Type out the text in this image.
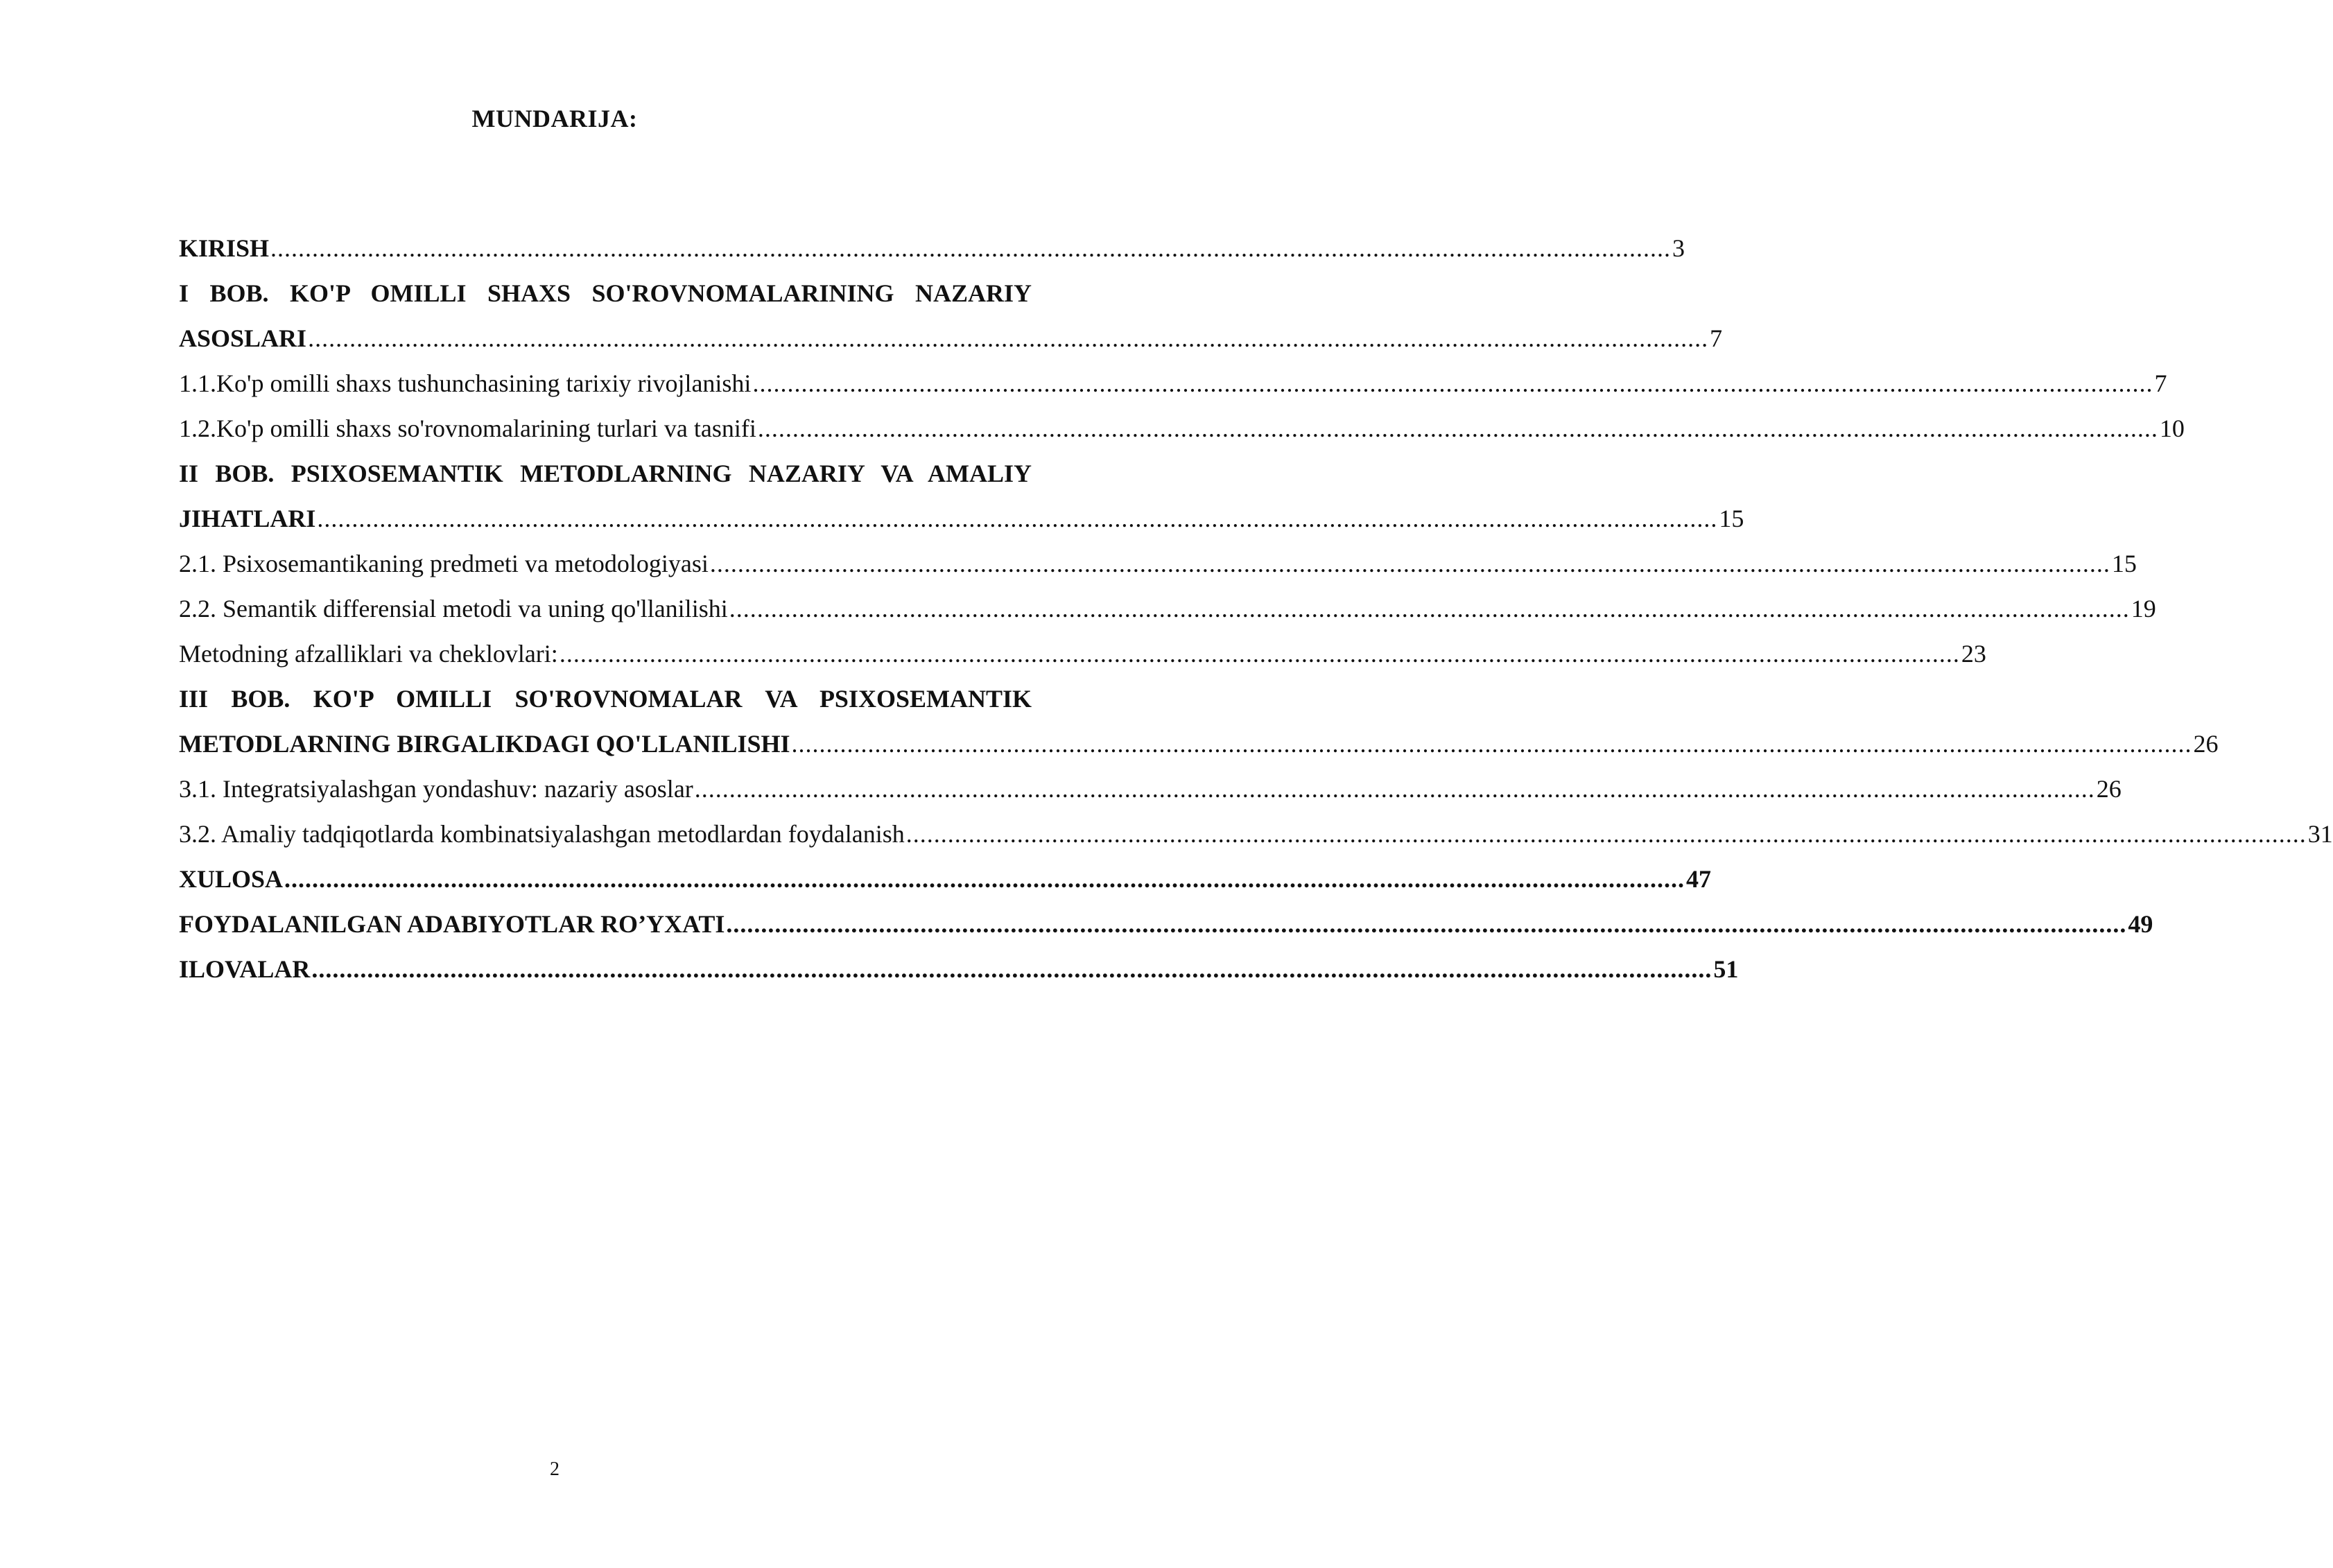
MUNDARIJA:
KIRISH .......................................................................................................................................................................................................... 3
I BOB. KO'P OMILLI SHAXS SO'ROVNOMALARINING NAZARIY
ASOSLARI .......................................................................................................................................................................................................... 7
1.1.Ko'p omilli shaxs tushunchasining tarixiy rivojlanishi .......................................................................................................................................................................................................... 7
1.2.Ko'p omilli shaxs so'rovnomalarining turlari va tasnifi .......................................................................................................................................................................................................... 10
II BOB. PSIXOSEMANTIK METODLARNING NAZARIY VA AMALIY
JIHATLARI .......................................................................................................................................................................................................... 15
2.1. Psixosemantikaning predmeti va metodologiyasi .......................................................................................................................................................................................................... 15
2.2. Semantik differensial metodi va uning qo'llanilishi .......................................................................................................................................................................................................... 19
Metodning afzalliklari va cheklovlari: .......................................................................................................................................................................................................... 23
III BOB. KO'P OMILLI SO'ROVNOMALAR VA PSIXOSEMANTIK
METODLARNING BIRGALIKDAGI QO'LLANILISHI .......................................................................................................................................................................................................... 26
3.1. Integratsiyalashgan yondashuv: nazariy asoslar .......................................................................................................................................................................................................... 26
3.2. Amaliy tadqiqotlarda kombinatsiyalashgan metodlardan foydalanish .......................................................................................................................................................................................................... 31
XULOSA .......................................................................................................................................................................................................... 47
FOYDALANILGAN ADABIYOTLAR RO’YXATI .......................................................................................................................................................................................................... 49
ILOVALAR .......................................................................................................................................................................................................... 51
2
